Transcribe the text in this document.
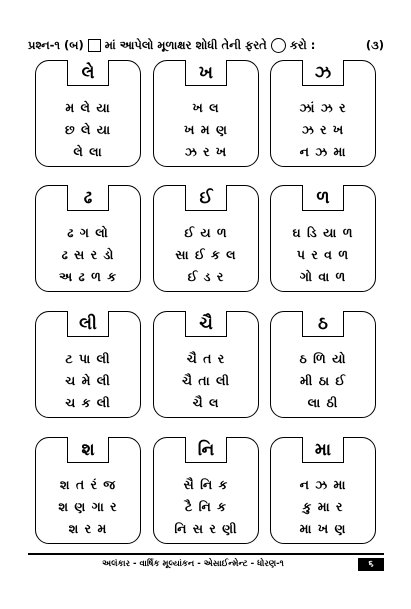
પ્રશ્ન-૧ (બ) માં આપેલો મૂળાક્ષર શોધી તેની ફરતે કરો :	(૩)
લે
મ લે યા
છ લે યા
લે લા
ખ
ખ લ
ખ મ ણ
ઝ ર ખ
ઝ
ઝાં ઝ ર
ઝ ર ખ
ન ઝ મા
ઢ
ઢ ગ લો
ઢ સ ર ડો
અ ઢ ળ ક
ઈ
ઈ ય ળ
સા ઈ ક લ
ઈ ડ ર
ળ
ઘ ડિ યા ળ
પ ર વ ળ
ગો વા ળ
લી
ટ પા લી
ચ મે લી
ચ ક લી
ચૈ
ચૈ ત ર
ચૈ તા લી
ચૈ લ
ઠ
ઠ ળિ યો
મી ઠા ઈ
લા ઠી
શ
શ ત રં જ
શ ણ ગા ર
શ ર મ
નિ
સૈ નિ ક
ટૈ નિ ક
નિ સ ર ણી
મા
ન ઝ મા
કુ મા ર
મા ખ ણ
અલંકાર - વાર્ષિક મૂલ્યાંકન - એસાઈન્મેન્ટ - ધોરણ-૧	૬
